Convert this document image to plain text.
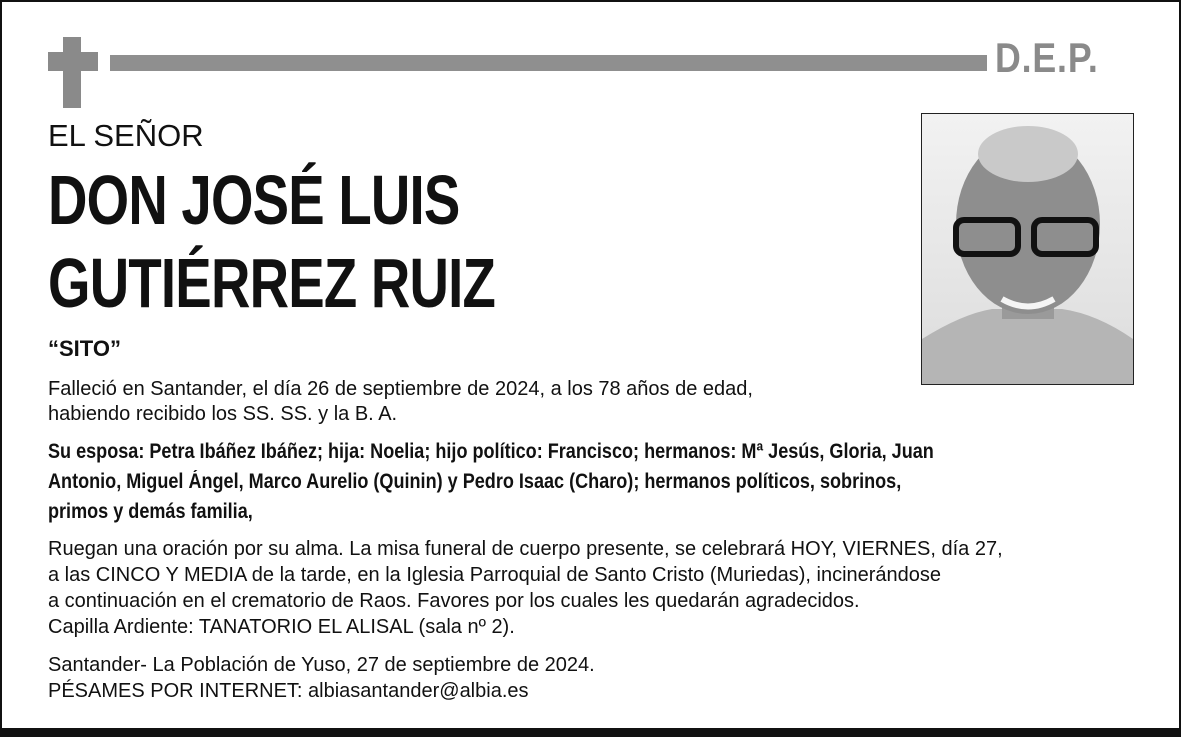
D.E.P.
EL SEÑOR
DON JOSÉ LUIS
GUTIÉRREZ RUIZ
“SITO”
Falleció en Santander, el día 26 de septiembre de 2024, a los 78 años de edad,
habiendo recibido los SS. SS. y la B. A.
Su esposa: Petra Ibáñez Ibáñez; hija: Noelia; hijo político: Francisco; hermanos: Mª Jesús, Gloria, Juan
Antonio, Miguel Ángel, Marco Aurelio (Quinin) y Pedro Isaac (Charo); hermanos políticos, sobrinos,
primos y demás familia,
Ruegan una oración por su alma. La misa funeral de cuerpo presente, se celebrará HOY, VIERNES, día 27,
a las CINCO Y MEDIA de la tarde, en la Iglesia Parroquial de Santo Cristo (Muriedas), incinerándose
a continuación en el crematorio de Raos. Favores por los cuales les quedarán agradecidos.
Capilla Ardiente: TANATORIO EL ALISAL (sala nº 2).
Santander- La Población de Yuso, 27 de septiembre de 2024.
PÉSAMES POR INTERNET: albiasantander@albia.es
